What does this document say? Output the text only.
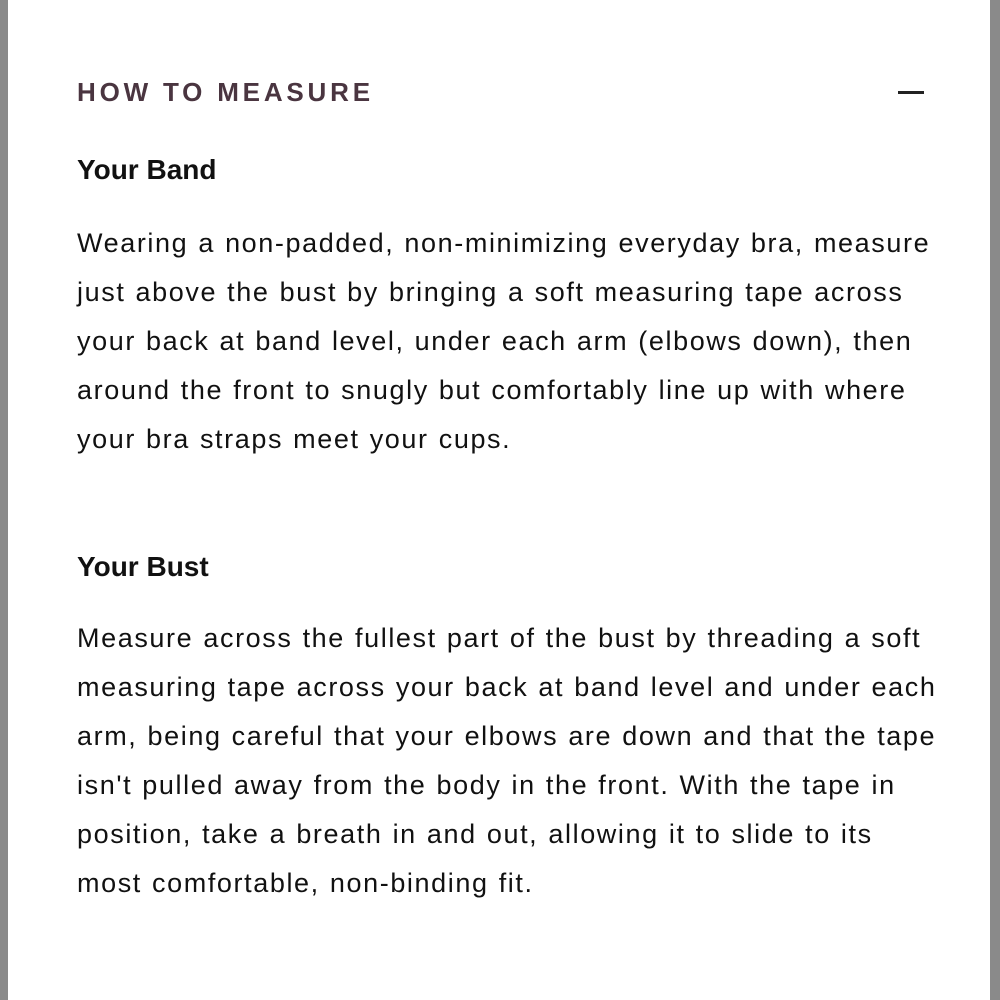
HOW TO MEASURE
Your Band

Wearing a non-padded, non-minimizing everyday bra, measure just above the bust by bringing a soft measuring tape across your back at band level, under each arm (elbows down), then around the front to snugly but comfortably line up with where your bra straps meet your cups.

Your Bust

Measure across the fullest part of the bust by threading a soft measuring tape across your back at band level and under each arm, being careful that your elbows are down and that the tape isn't pulled away from the body in the front. With the tape in position, take a breath in and out, allowing it to slide to its most comfortable, non-binding fit.
